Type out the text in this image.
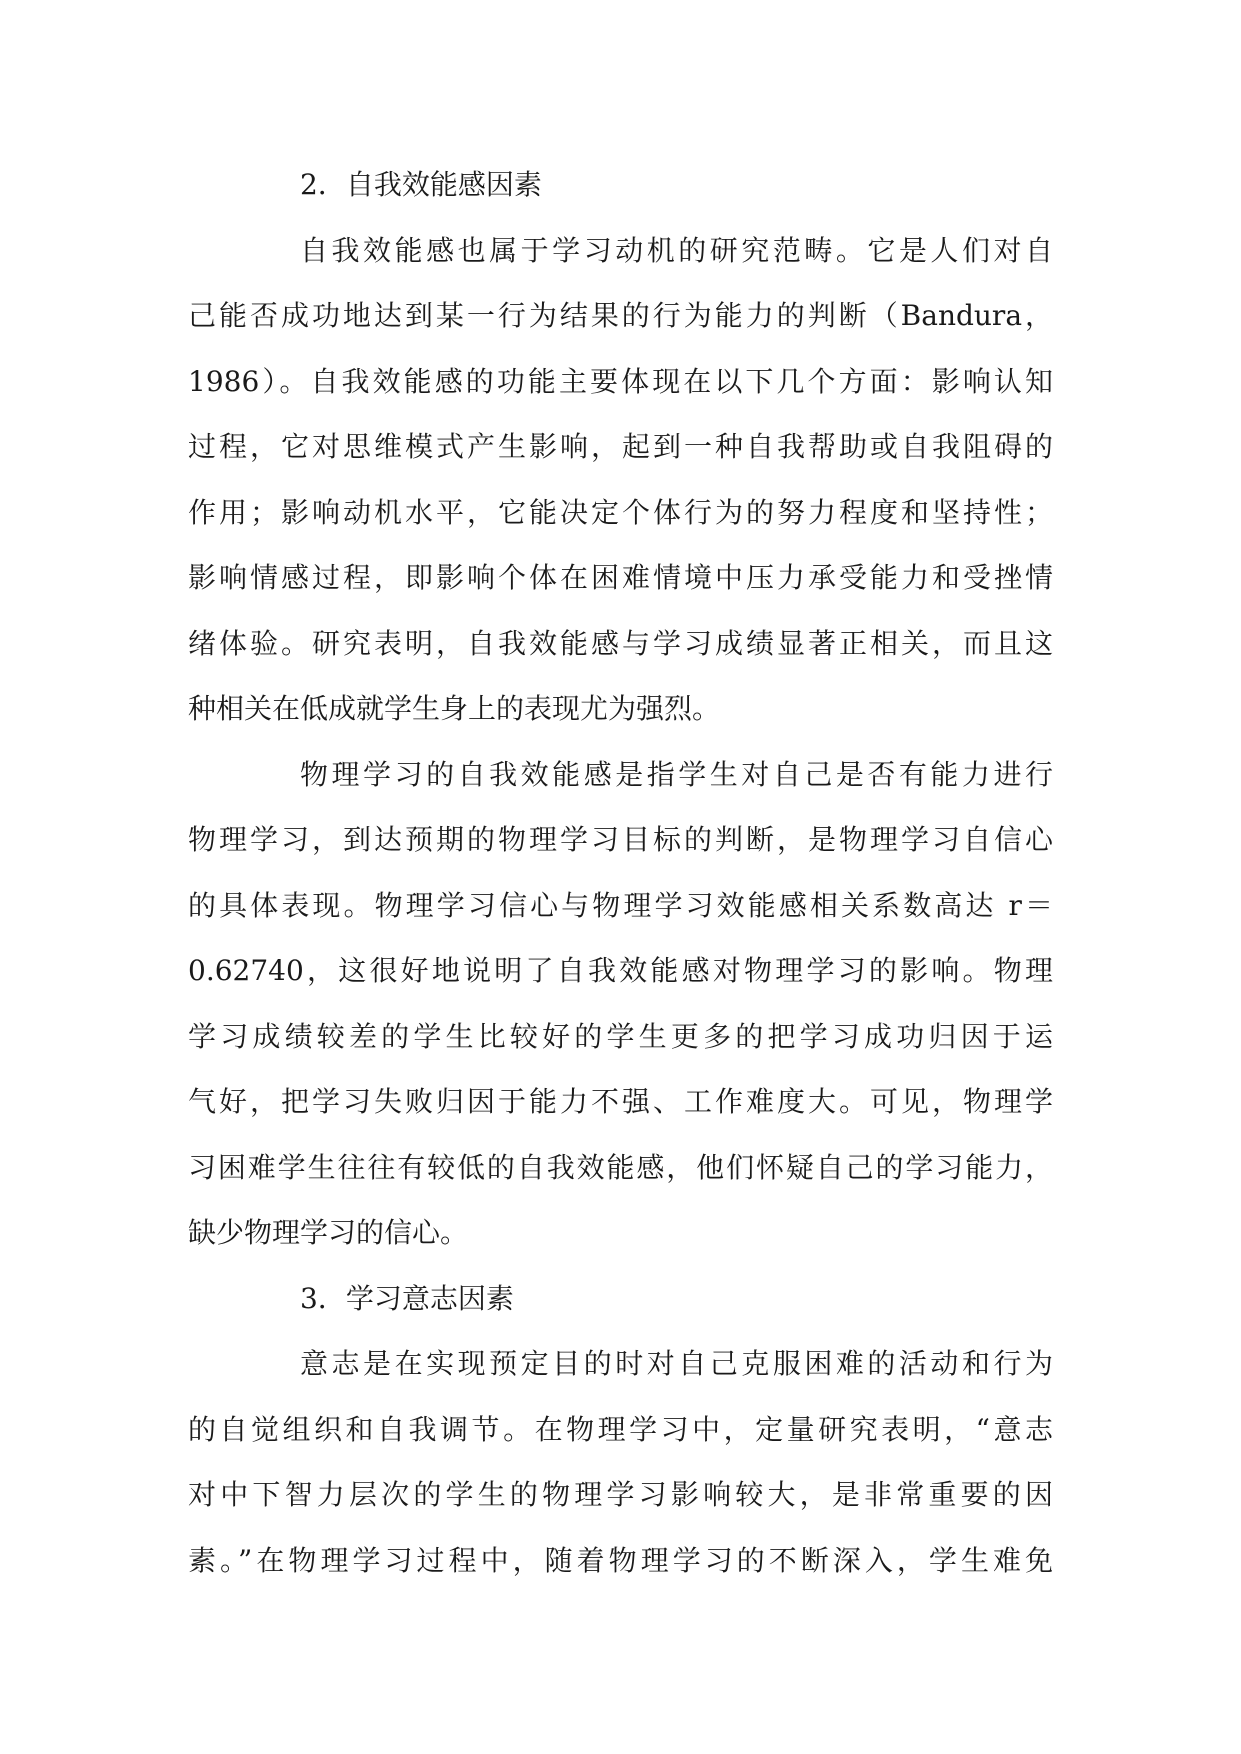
2．自我效能感因素
自我效能感也属于学习动机的研究范畴。它是人们对自
己能否成功地达到某一行为结果的行为能力的判断（Bandura，
1986）。自我效能感的功能主要体现在以下几个方面：影响认知
过程，它对思维模式产生影响，起到一种自我帮助或自我阻碍的
作用；影响动机水平，它能决定个体行为的努力程度和坚持性；
影响情感过程，即影响个体在困难情境中压力承受能力和受挫情
绪体验。研究表明，自我效能感与学习成绩显著正相关，而且这
种相关在低成就学生身上的表现尤为强烈。
物理学习的自我效能感是指学生对自己是否有能力进行
物理学习，到达预期的物理学习目标的判断，是物理学习自信心
的具体表现。物理学习信心与物理学习效能感相关系数高达 r＝
0.62740，这很好地说明了自我效能感对物理学习的影响。物理
学习成绩较差的学生比较好的学生更多的把学习成功归因于运
气好，把学习失败归因于能力不强、工作难度大。可见，物理学
习困难学生往往有较低的自我效能感，他们怀疑自己的学习能力，
缺少物理学习的信心。
3．学习意志因素
意志是在实现预定目的时对自己克服困难的活动和行为
的自觉组织和自我调节。在物理学习中，定量研究表明，“意志
对中下智力层次的学生的物理学习影响较大，是非常重要的因
素。”在物理学习过程中，随着物理学习的不断深入，学生难免
